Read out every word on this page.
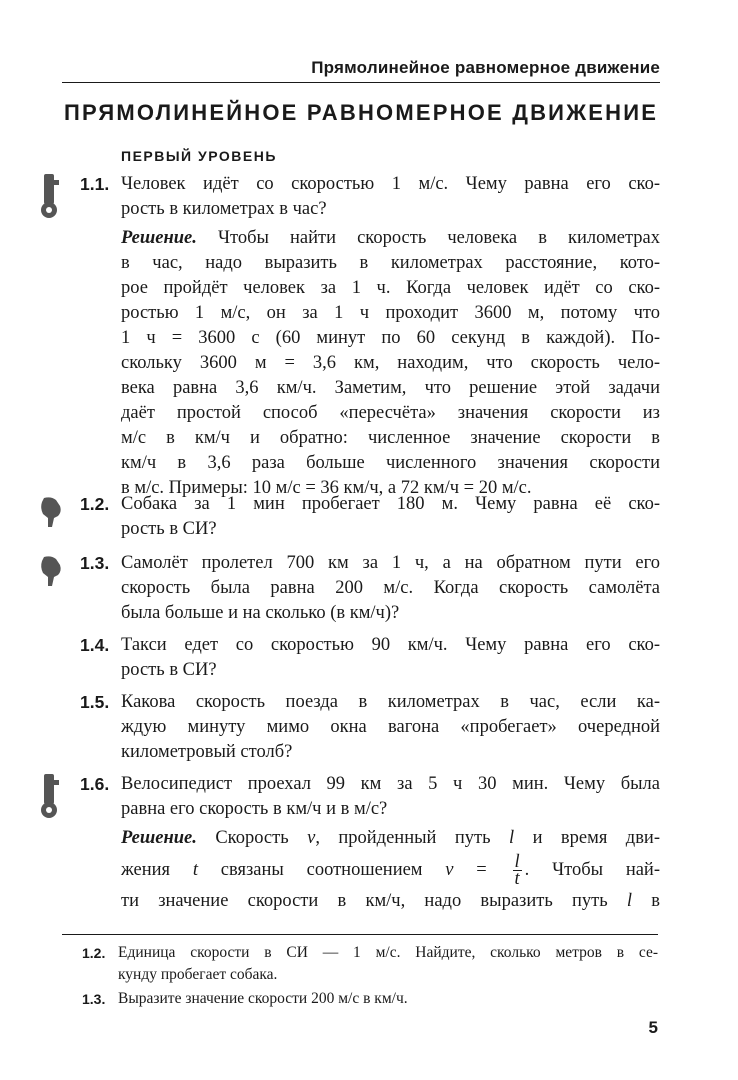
Прямолинейное равномерное движение
ПРЯМОЛИНЕЙНОЕ РАВНОМЕРНОЕ ДВИЖЕНИЕ
ПЕРВЫЙ УРОВЕНЬ
1.1. Человек идёт со скоростью 1 м/с. Чему равна его ско-
рость в километрах в час?
Решение. Чтобы найти скорость человека в километрах
в час, надо выразить в километрах расстояние, кото-
рое пройдёт человек за 1 ч. Когда человек идёт со ско-
ростью 1 м/с, он за 1 ч проходит 3600 м, потому что
1 ч = 3600 с (60 минут по 60 секунд в каждой). По-
скольку 3600 м = 3,6 км, находим, что скорость чело-
века равна 3,6 км/ч. Заметим, что решение этой задачи
даёт простой способ «пересчёта» значения скорости из
м/с в км/ч и обратно: численное значение скорости в
км/ч в 3,6 раза больше численного значения скорости
в м/с. Примеры: 10 м/с = 36 км/ч, а 72 км/ч = 20 м/с.
1.2. Собака за 1 мин пробегает 180 м. Чему равна её ско-
рость в СИ?
1.3. Самолёт пролетел 700 км за 1 ч, а на обратном пути его
скорость была равна 200 м/с. Когда скорость самолёта
была больше и на сколько (в км/ч)?
1.4. Такси едет со скоростью 90 км/ч. Чему равна его ско-
рость в СИ?
1.5. Какова скорость поезда в километрах в час, если ка-
ждую минуту мимо окна вагона «пробегает» очередной
километровый столб?
1.6. Велосипедист проехал 99 км за 5 ч 30 мин. Чему была
равна его скорость в км/ч и в м/с?
Решение. Скорость v, пройденный путь l и время дви-
жения t связаны соотношением $v = \frac{l}{t}$ . Чтобы най-
ти значение скорости в км/ч, надо выразить путь l в
1.2. Единица скорости в СИ — 1 м/с. Найдите, сколько метров в се-
кунду пробегает собака.
1.3. Выразите значение скорости 200 м/с в км/ч.
5
